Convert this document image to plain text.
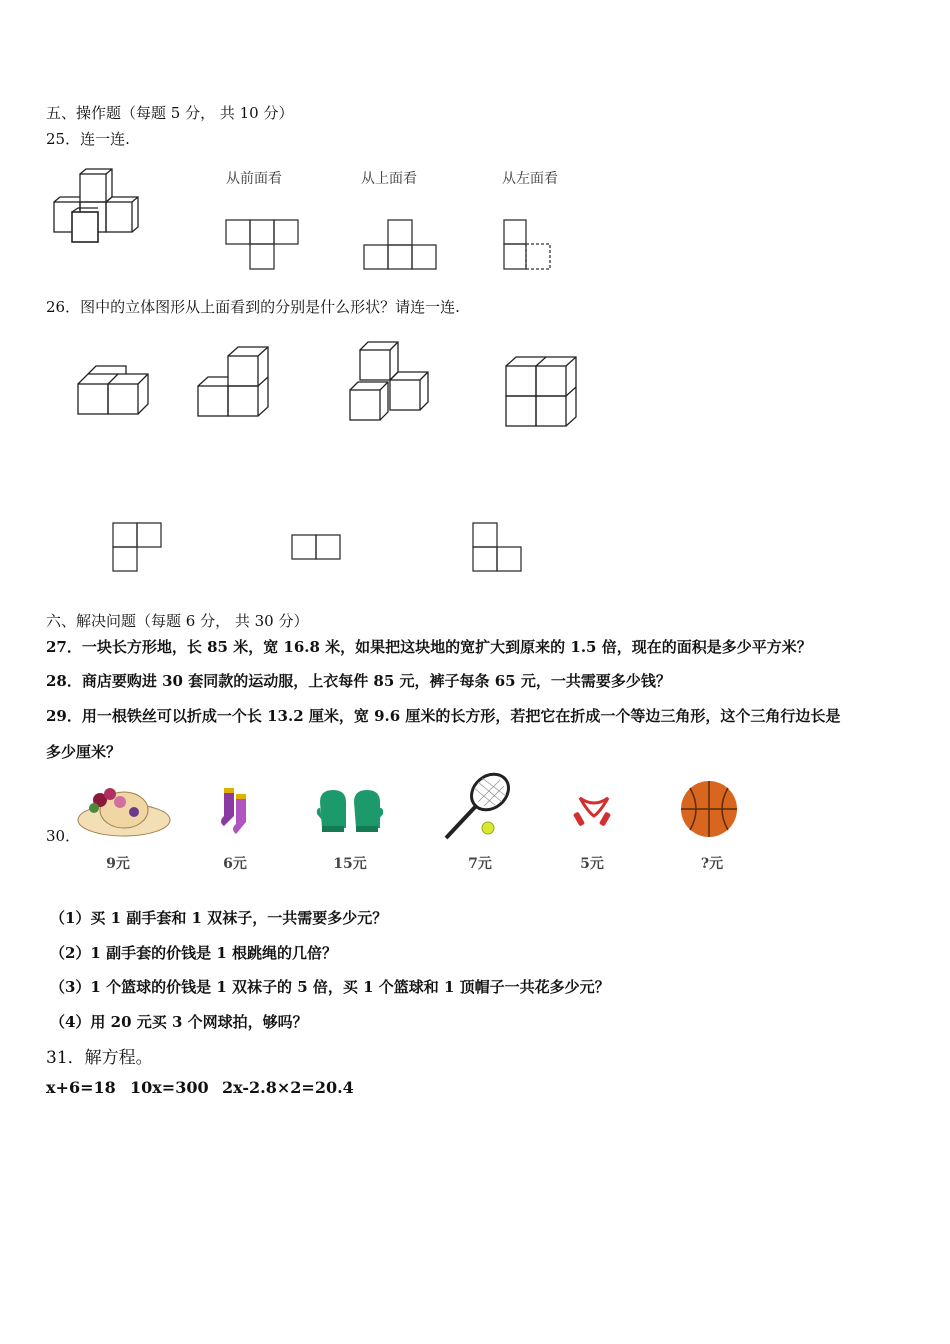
五、操作题（每题 5 分， 共 10 分）
25．连一连.
从前面看	从上面看	从左面看
26．图中的立体图形从上面看到的分别是什么形状？请连一连.
六、解决问题（每题 6 分， 共 30 分）
27．一块长方形地，长 85 米，宽 16.8 米，如果把这块地的宽扩大到原来的 1.5 倍，现在的面积是多少平方米？
28．商店要购进 30 套同款的运动服，上衣每件 85 元，裤子每条 65 元，一共需要多少钱？
29．用一根铁丝可以折成一个长 13.2 厘米，宽 9.6 厘米的长方形，若把它在折成一个等边三角形，这个三角行边长是
多少厘米？
30．
9元	6元	15元	7元	5元	?元
（1）买 1 副手套和 1 双袜子，一共需要多少元？
（2）1 副手套的价钱是 1 根跳绳的几倍？
（3）1 个篮球的价钱是 1 双袜子的 5 倍，买 1 个篮球和 1 顶帽子一共花多少元？
（4）用 20 元买 3 个网球拍，够吗？
31．解方程。
x+6=18 10x=300 2x-2.8×2=20.4
